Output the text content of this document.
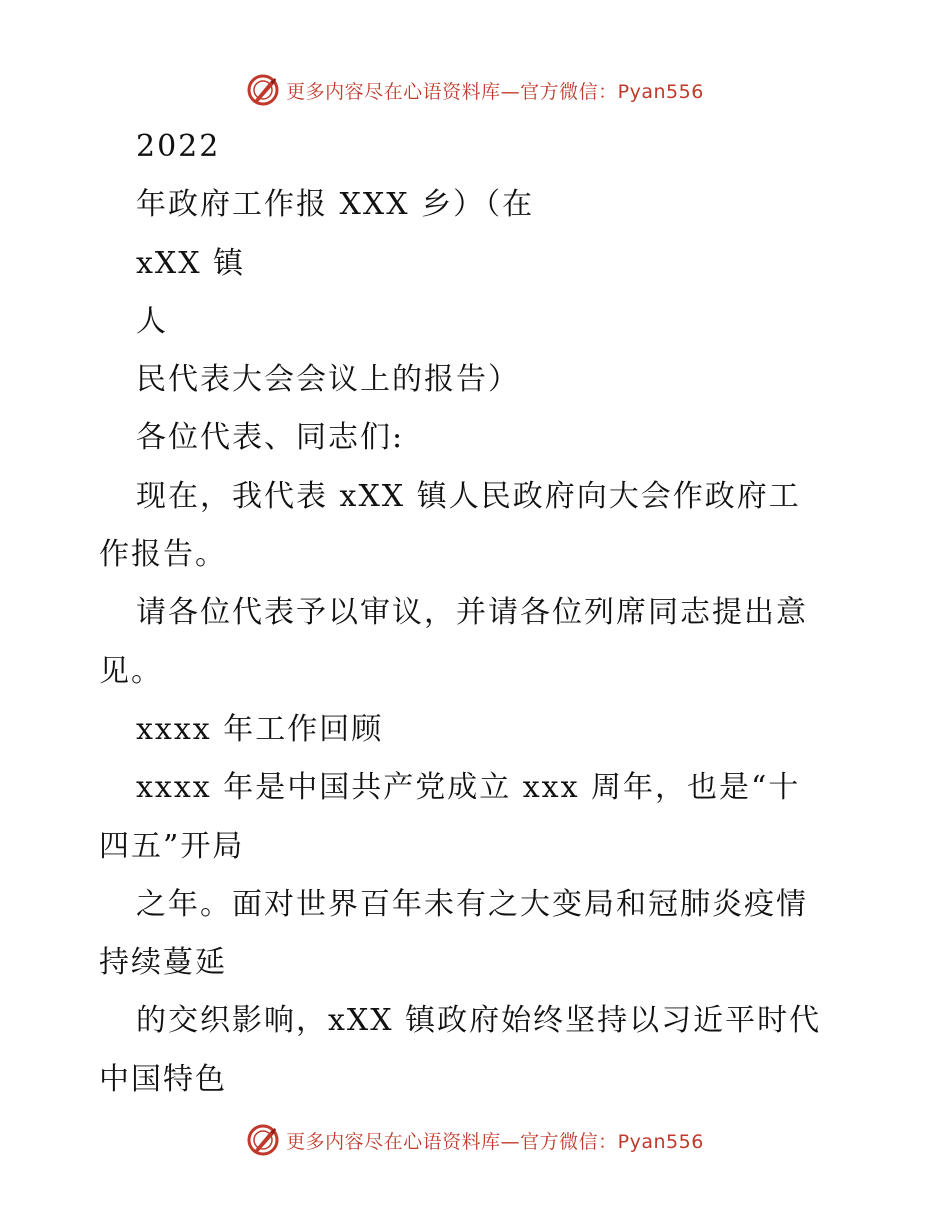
更多内容尽在心语资料库—官方微信：Pyan556
2022
年政府工作报 XXX 乡）（在
xXX 镇
人
民代表大会会议上的报告）
各位代表、同志们:
现在，我代表 xXX 镇人民政府向大会作政府工
作报告。
请各位代表予以审议，并请各位列席同志提出意
见。
xxxx 年工作回顾
xxxx 年是中国共产党成立 xxx 周年，也是“十
四五”开局
之年。面对世界百年未有之大变局和冠肺炎疫情
持续蔓延
的交织影响，xXX 镇政府始终坚持以习近平时代
中国特色
更多内容尽在心语资料库—官方微信：Pyan556
